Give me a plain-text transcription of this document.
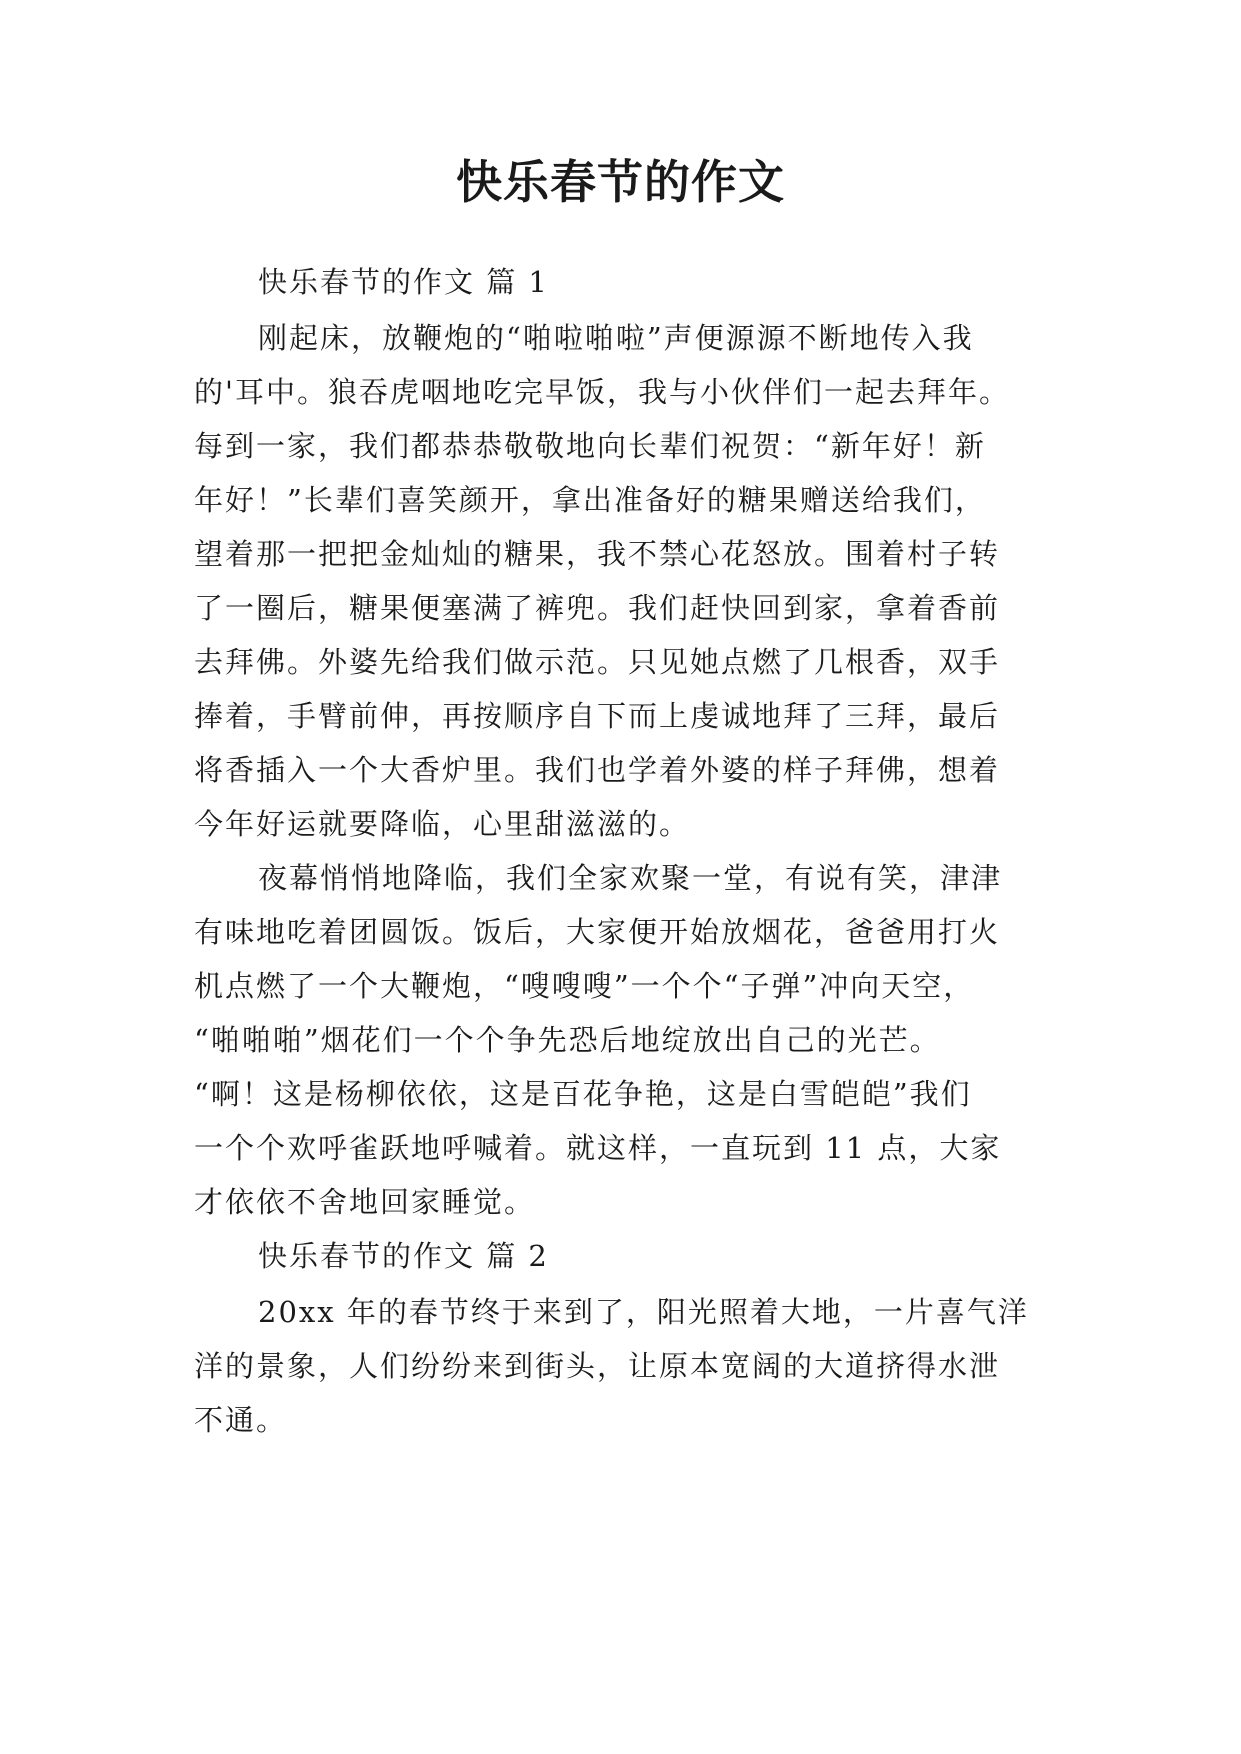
快乐春节的作文
快乐春节的作文 篇 1
刚起床，放鞭炮的“啪啦啪啦”声便源源不断地传入我
的'耳中。狼吞虎咽地吃完早饭，我与小伙伴们一起去拜年。
每到一家，我们都恭恭敬敬地向长辈们祝贺：“新年好！新
年好！”长辈们喜笑颜开，拿出准备好的糖果赠送给我们，
望着那一把把金灿灿的糖果，我不禁心花怒放。围着村子转
了一圈后，糖果便塞满了裤兜。我们赶快回到家，拿着香前
去拜佛。外婆先给我们做示范。只见她点燃了几根香，双手
捧着，手臂前伸，再按顺序自下而上虔诚地拜了三拜，最后
将香插入一个大香炉里。我们也学着外婆的样子拜佛，想着
今年好运就要降临，心里甜滋滋的。
夜幕悄悄地降临，我们全家欢聚一堂，有说有笑，津津
有味地吃着团圆饭。饭后，大家便开始放烟花，爸爸用打火
机点燃了一个大鞭炮，“嗖嗖嗖”一个个“子弹”冲向天空，
“啪啪啪”烟花们一个个争先恐后地绽放出自己的光芒。
“啊！这是杨柳依依，这是百花争艳，这是白雪皑皑”我们
一个个欢呼雀跃地呼喊着。就这样，一直玩到 11 点，大家
才依依不舍地回家睡觉。
快乐春节的作文 篇 2
20xx 年的春节终于来到了，阳光照着大地，一片喜气洋
洋的景象，人们纷纷来到街头，让原本宽阔的大道挤得水泄
不通。
